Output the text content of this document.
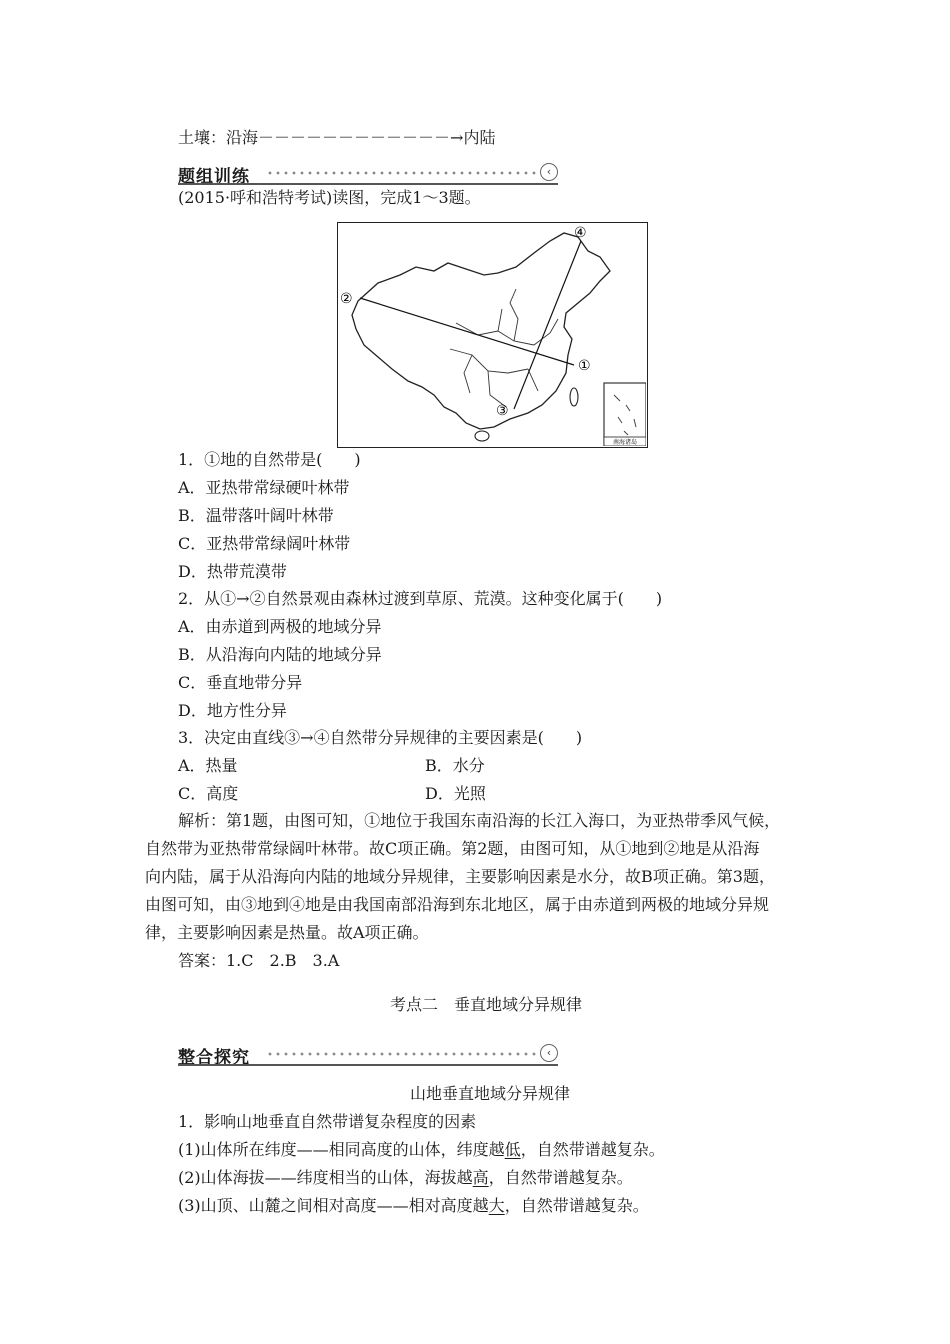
土壤：沿海－－－－－－－－－－－－→内陆
题组训练	‹
(2015·呼和浩特考试)读图，完成1～3题。
南海诸岛
①
②
③
④
1．①地的自然带是(　　)
A．亚热带常绿硬叶林带
B．温带落叶阔叶林带
C．亚热带常绿阔叶林带
D．热带荒漠带
2．从①→②自然景观由森林过渡到草原、荒漠。这种变化属于(　　)
A．由赤道到两极的地域分异
B．从沿海向内陆的地域分异
C．垂直地带分异
D．地方性分异
3．决定由直线③→④自然带分异规律的主要因素是(　　)
A．热量	B．水分
C．高度	D．光照
解析：第1题，由图可知，①地位于我国东南沿海的长江入海口，为亚热带季风气候，
自然带为亚热带常绿阔叶林带。故C项正确。第2题，由图可知，从①地到②地是从沿海
向内陆，属于从沿海向内陆的地域分异规律，主要影响因素是水分，故B项正确。第3题，
由图可知，由③地到④地是由我国南部沿海到东北地区，属于由赤道到两极的地域分异规
律，主要影响因素是热量。故A项正确。
答案：1.C　2.B　3.A
考点二　垂直地域分异规律
整合探究	‹
山地垂直地域分异规律
1．影响山地垂直自然带谱复杂程度的因素
(1)山体所在纬度——相同高度的山体，纬度越低，自然带谱越复杂。
(2)山体海拔——纬度相当的山体，海拔越高，自然带谱越复杂。
(3)山顶、山麓之间相对高度——相对高度越大，自然带谱越复杂。
